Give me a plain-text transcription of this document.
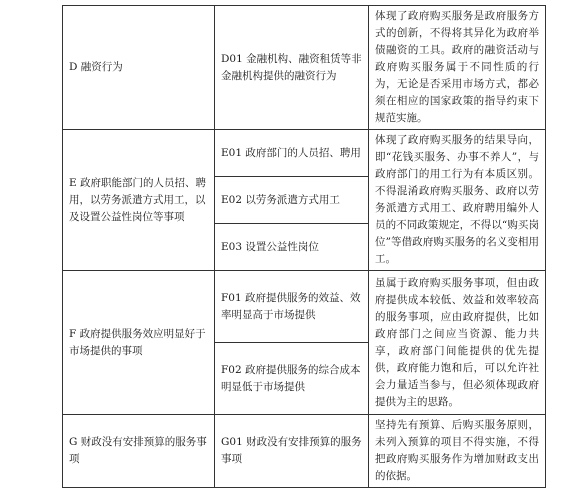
D 融资行为	D01 金融机构、融资租赁等非金融机构提供的融资行为	体现了政府购买服务是政府服务方式的创新，不得将其异化为政府举债融资的工具。政府的融资活动与政府购买服务属于不同性质的行为，无论是否采用市场方式，都必须在相应的国家政策的指导约束下规范实施。
E 政府职能部门的人员招、聘用，以劳务派遣方式用工，以及设置公益性岗位等事项	E01 政府部门的人员招、聘用	体现了政府购买服务的结果导向，即“花钱买服务、办事不养人”，与政府部门的用工行为有本质区别。不得混淆政府购买服务、政府以劳务派遣方式用工、政府聘用编外人员的不同政策规定，不得以“购买岗位”等借政府购买服务的名义变相用工。
	E02 以劳务派遣方式用工	
	E03 设置公益性岗位	
F 政府提供服务效应明显好于市场提供的事项	F01 政府提供服务的效益、效率明显高于市场提供	虽属于政府购买服务事项，但由政府提供成本较低、效益和效率较高的服务事项，应由政府提供，比如政府部门之间应当资源、能力共享，政府部门间能提供的优先提供，政府能力饱和后，可以允许社会力量适当参与，但必须体现政府提供为主的思路。
	F02 政府提供服务的综合成本明显低于市场提供	
G 财政没有安排预算的服务事项	G01 财政没有安排预算的服务事项	坚持先有预算、后购买服务原则，未列入预算的项目不得实施，不得把政府购买服务作为增加财政支出的依据。
